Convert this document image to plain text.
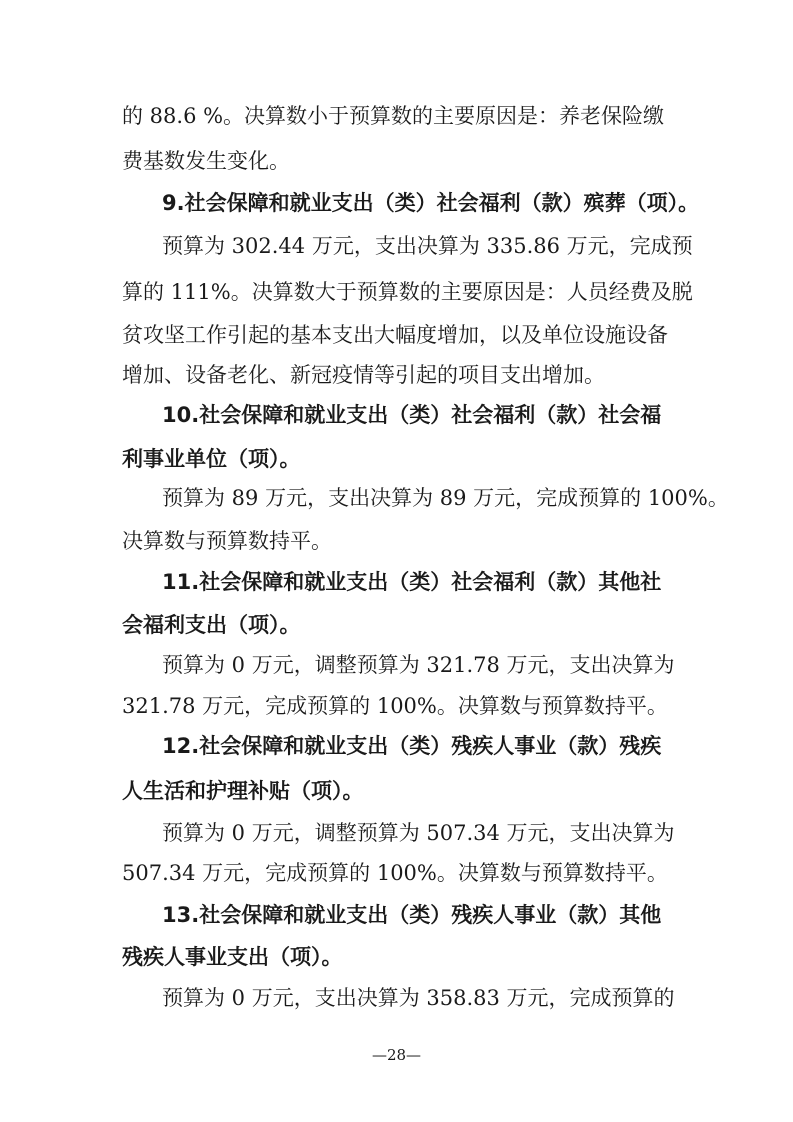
的 88.6 %。决算数小于预算数的主要原因是：养老保险缴
费基数发生变化。
9.社会保障和就业支出（类）社会福利（款）殡葬（项）。
预算为 302.44 万元，支出决算为 335.86 万元，完成预
算的 111%。决算数大于预算数的主要原因是：人员经费及脱
贫攻坚工作引起的基本支出大幅度增加，以及单位设施设备
增加、设备老化、新冠疫情等引起的项目支出增加。
10.社会保障和就业支出（类）社会福利（款）社会福
利事业单位（项）。
预算为 89 万元，支出决算为 89 万元，完成预算的 100%。
决算数与预算数持平。
11.社会保障和就业支出（类）社会福利（款）其他社
会福利支出（项）。
预算为 0 万元，调整预算为 321.78 万元，支出决算为
321.78 万元，完成预算的 100%。决算数与预算数持平。
12.社会保障和就业支出（类）残疾人事业（款）残疾
人生活和护理补贴（项）。
预算为 0 万元，调整预算为 507.34 万元，支出决算为
507.34 万元，完成预算的 100%。决算数与预算数持平。
13.社会保障和就业支出（类）残疾人事业（款）其他
残疾人事业支出（项）。
预算为 0 万元，支出决算为 358.83 万元，完成预算的
—28—
